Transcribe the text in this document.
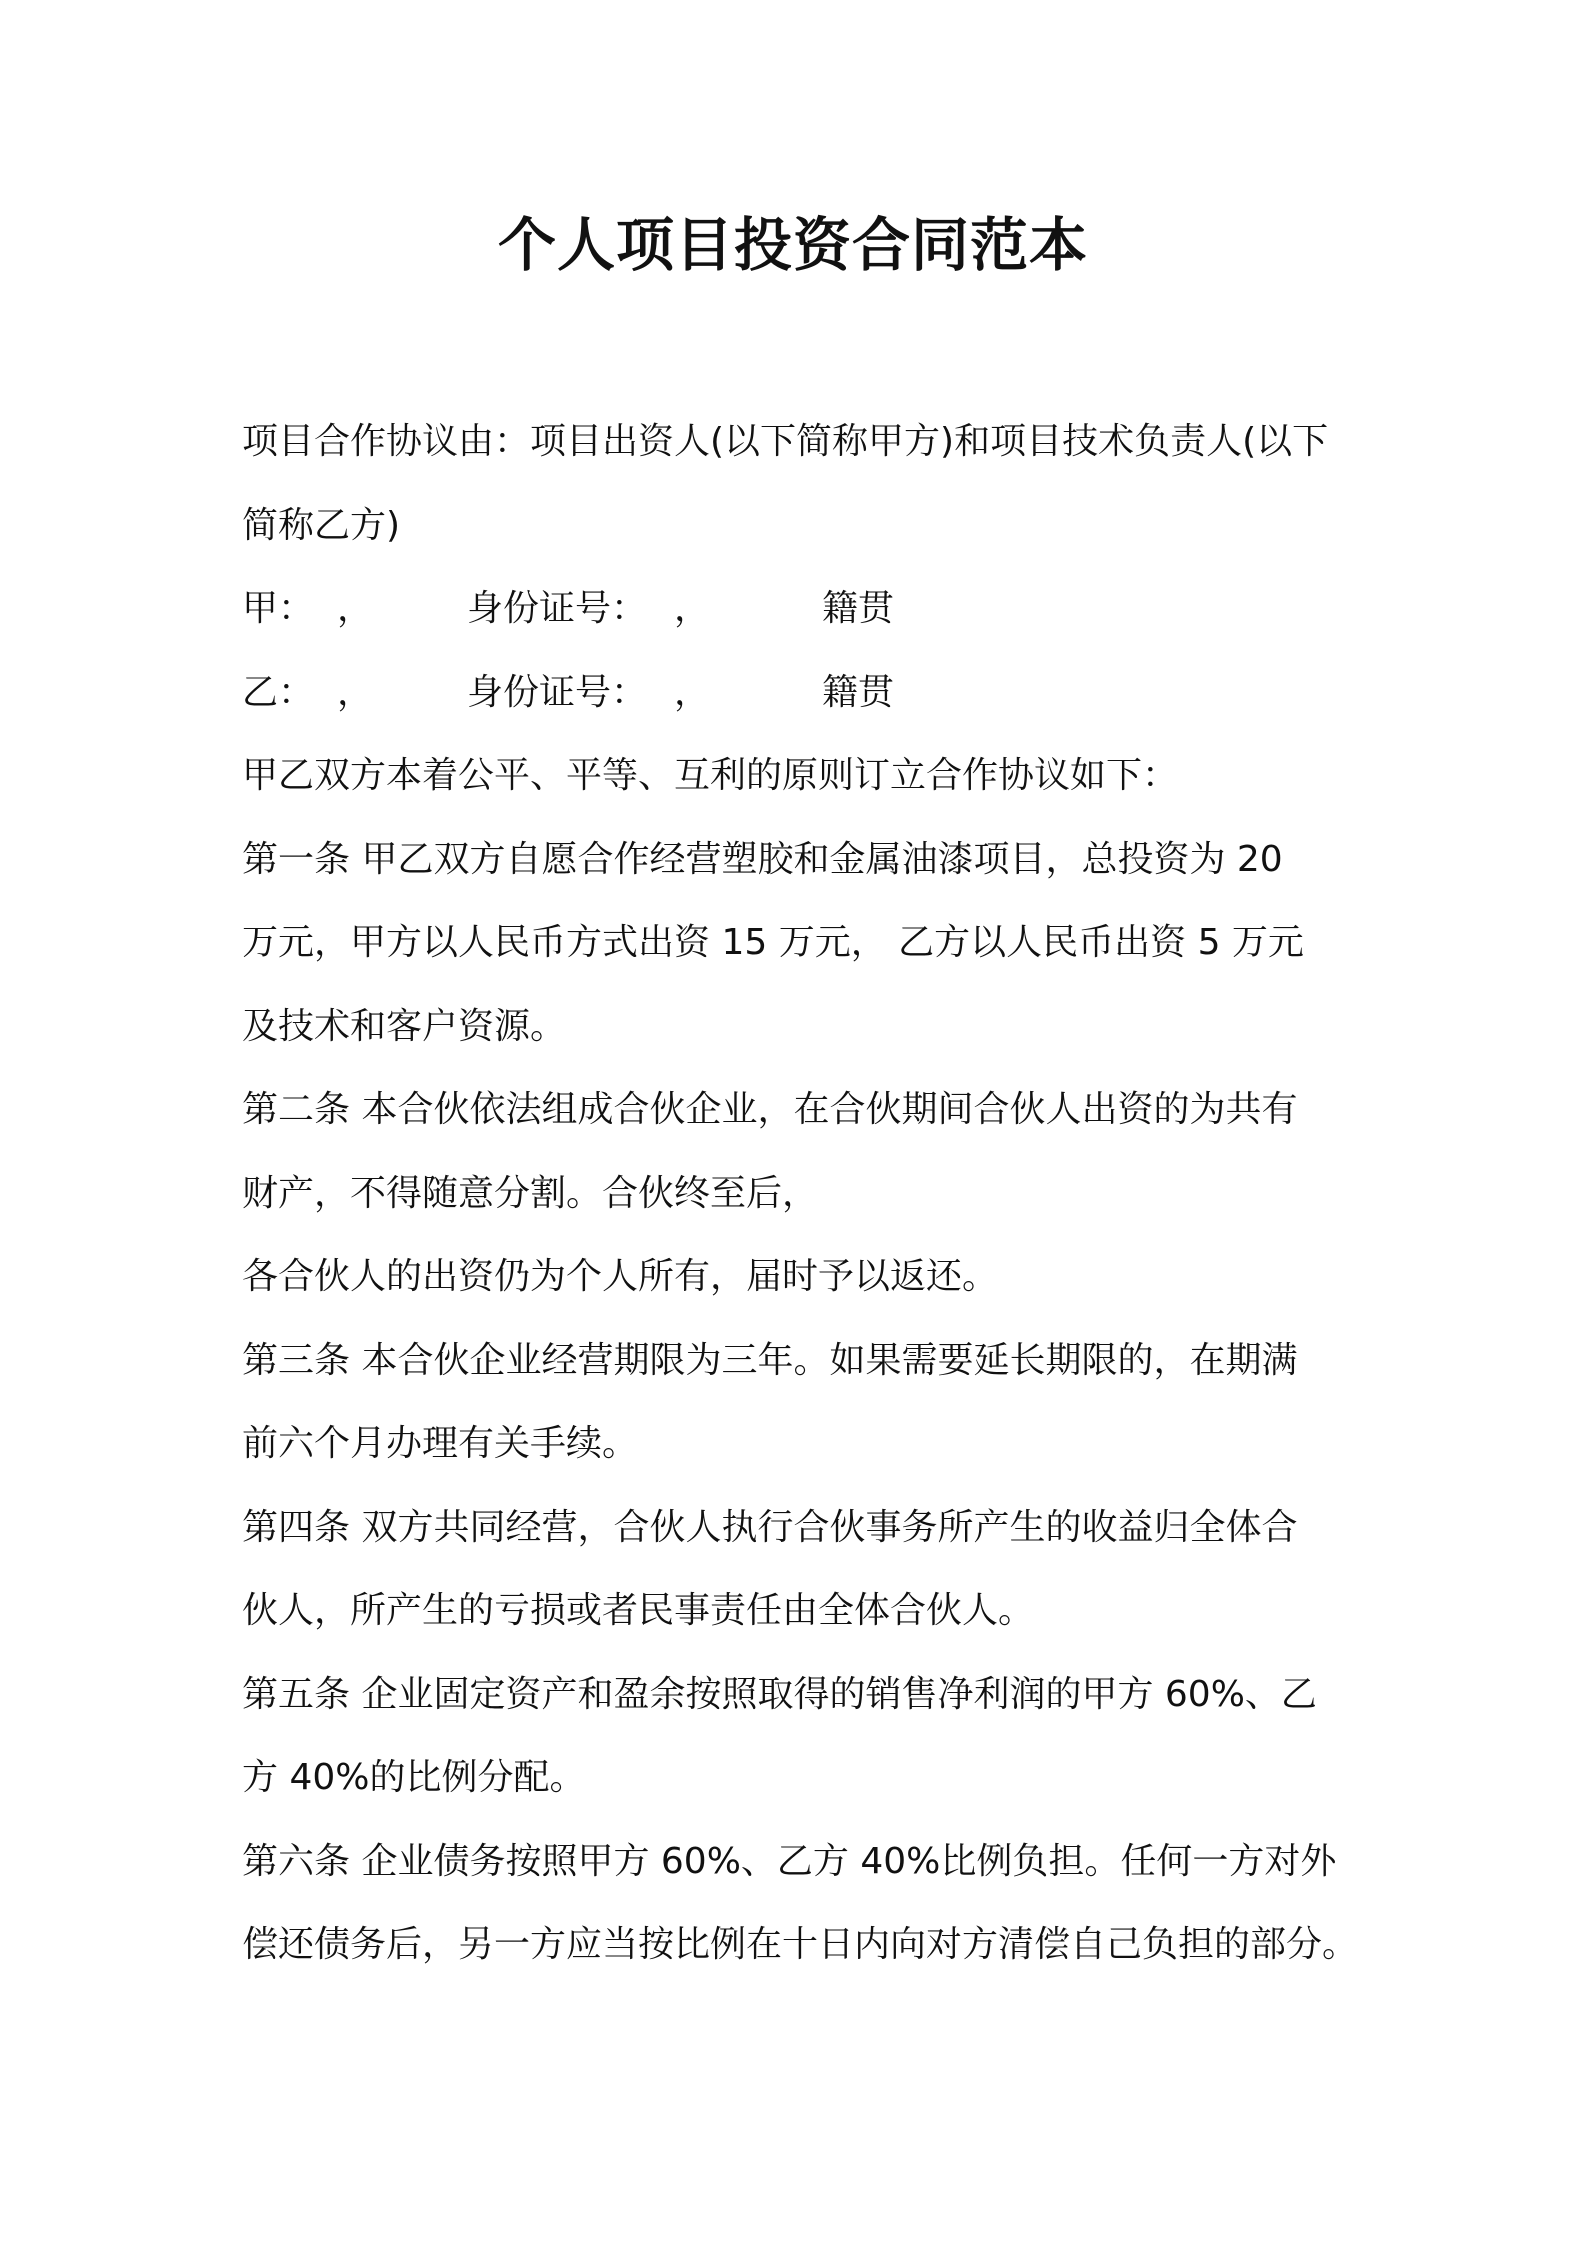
个人项目投资合同范本
项目合作协议由：项目出资人(以下简称甲方)和项目技术负责人(以下
简称乙方)
甲： ，	身份证号： ，	籍贯
乙： ，	身份证号： ，	籍贯
甲乙双方本着公平、平等、互利的原则订立合作协议如下：
第一条 甲乙双方自愿合作经营塑胶和金属油漆项目，总投资为 20
万元，甲方以人民币方式出资 15 万元， 乙方以人民币出资 5 万元
及技术和客户资源。
第二条 本合伙依法组成合伙企业，在合伙期间合伙人出资的为共有
财产，不得随意分割。合伙终至后，
各合伙人的出资仍为个人所有，届时予以返还。
第三条 本合伙企业经营期限为三年。如果需要延长期限的，在期满
前六个月办理有关手续。
第四条 双方共同经营，合伙人执行合伙事务所产生的收益归全体合
伙人，所产生的亏损或者民事责任由全体合伙人。
第五条 企业固定资产和盈余按照取得的销售净利润的甲方 60%、乙
方 40%的比例分配。
第六条 企业债务按照甲方 60%、乙方 40%比例负担。任何一方对外
偿还债务后，另一方应当按比例在十日内向对方清偿自己负担的部分。
